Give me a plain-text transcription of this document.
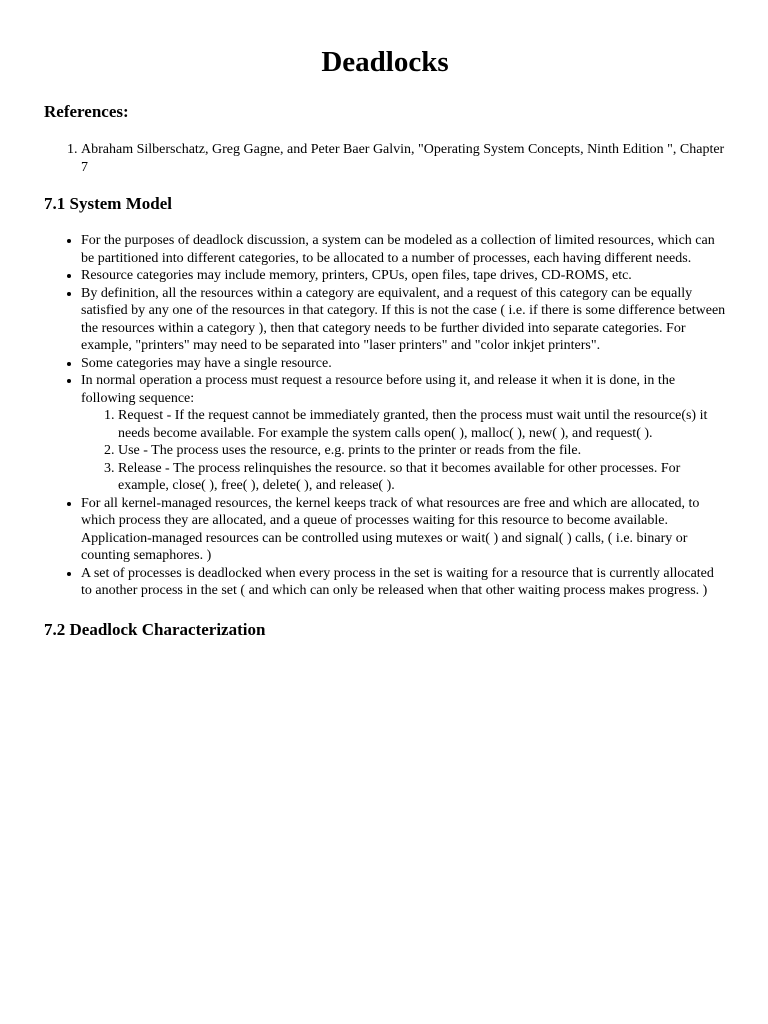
Deadlocks
References:
1. Abraham Silberschatz, Greg Gagne, and Peter Baer Galvin, "Operating System Concepts, Ninth Edition ", Chapter 7
7.1 System Model
• For the purposes of deadlock discussion, a system can be modeled as a collection of limited resources, which can be partitioned into different categories, to be allocated to a number of processes, each having different needs.
• Resource categories may include memory, printers, CPUs, open files, tape drives, CD-ROMS, etc.
• By definition, all the resources within a category are equivalent, and a request of this category can be equally satisfied by any one of the resources in that category. If this is not the case ( i.e. if there is some difference between the resources within a category ), then that category needs to be further divided into separate categories. For example, "printers" may need to be separated into "laser printers" and "color inkjet printers".
• Some categories may have a single resource.
• In normal operation a process must request a resource before using it, and release it when it is done, in the following sequence:
1. Request - If the request cannot be immediately granted, then the process must wait until the resource(s) it needs become available. For example the system calls open( ), malloc( ), new( ), and request( ).
2. Use - The process uses the resource, e.g. prints to the printer or reads from the file.
3. Release - The process relinquishes the resource. so that it becomes available for other processes. For example, close( ), free( ), delete( ), and release( ).
• For all kernel-managed resources, the kernel keeps track of what resources are free and which are allocated, to which process they are allocated, and a queue of processes waiting for this resource to become available. Application-managed resources can be controlled using mutexes or wait( ) and signal( ) calls, ( i.e. binary or counting semaphores. )
• A set of processes is deadlocked when every process in the set is waiting for a resource that is currently allocated to another process in the set ( and which can only be released when that other waiting process makes progress. )
7.2 Deadlock Characterization
